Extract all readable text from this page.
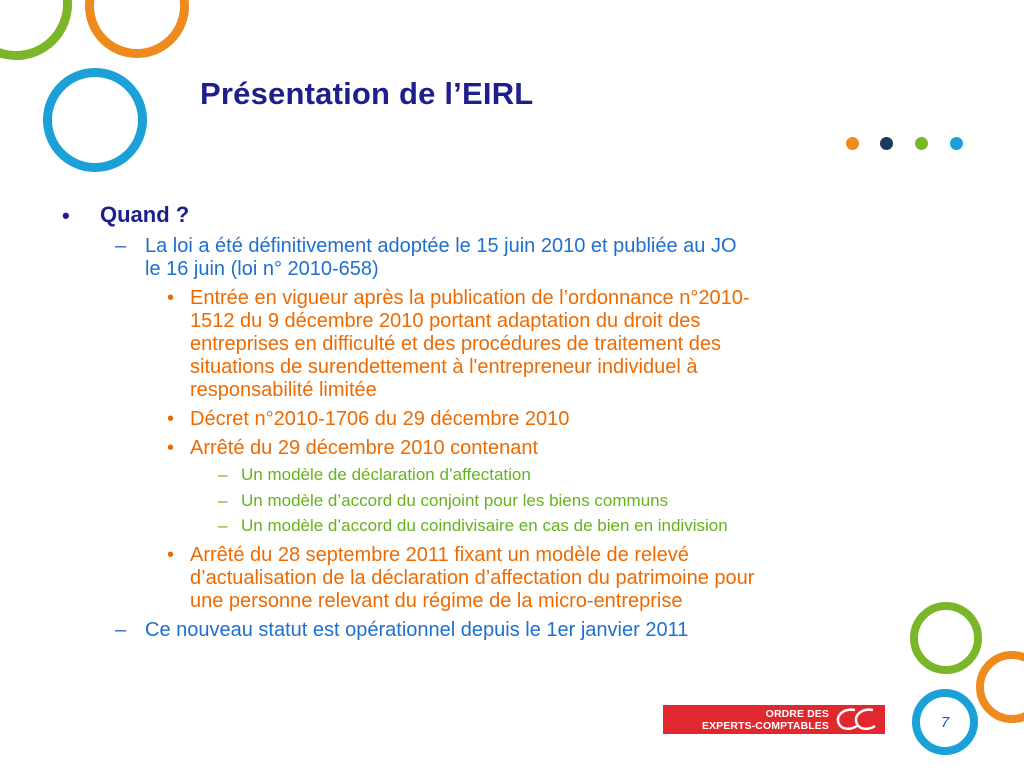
Présentation de l’EIRL
• Quand ?

– La loi a été définitivement adoptée le 15 juin 2010 et publiée au JO

le 16 juin (loi n° 2010-658)

• Entrée en vigueur après la publication de l’ordonnance n°2010-

1512 du 9 décembre 2010 portant adaptation du droit des

entreprises en difficulté et des procédures de traitement des

situations de surendettement à l'entrepreneur individuel à

responsabilité limitée

• Décret n°2010-1706 du 29 décembre 2010

• Arrêté du 29 décembre 2010 contenant

– Un modèle de déclaration d’affectation

– Un modèle d’accord du conjoint pour les biens communs

– Un modèle d’accord du coindivisaire en cas de bien en indivision

• Arrêté du 28 septembre 2011 fixant un modèle de relevé

d’actualisation de la déclaration d’affectation du patrimoine pour

une personne relevant du régime de la micro-entreprise

– Ce nouveau statut est opérationnel depuis le 1er janvier 2011

ORDRE DES
EXPERTS-COMPTABLES	7
